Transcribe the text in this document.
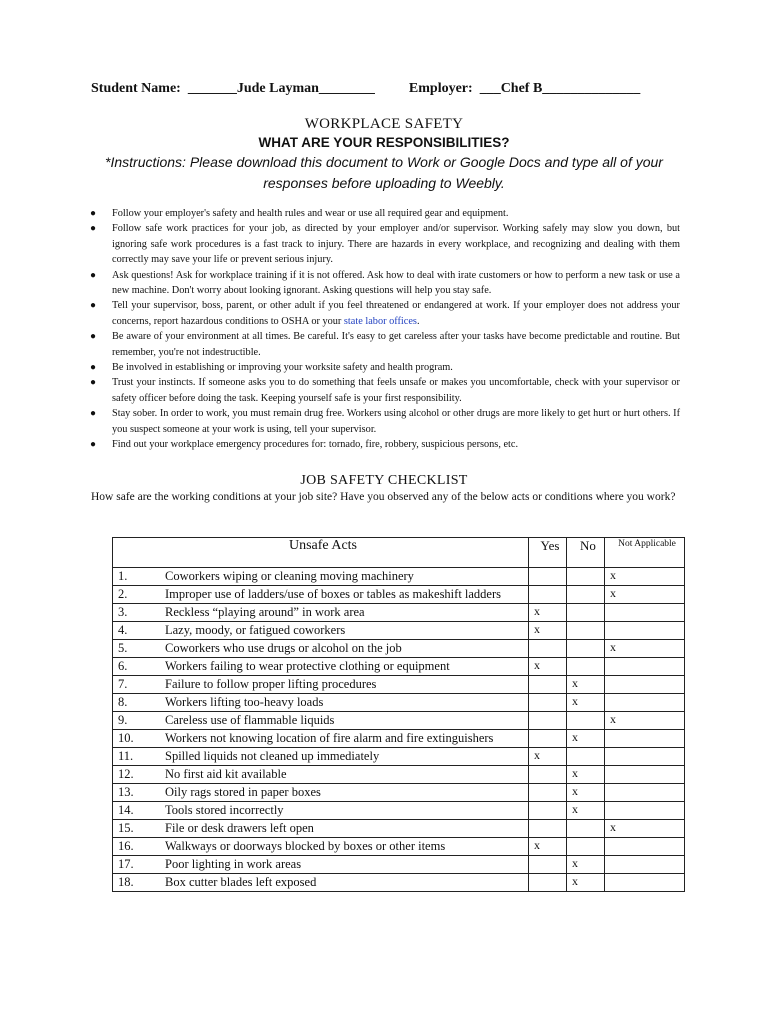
Student Name: _______Jude Layman________ Employer: ___Chef B______________
WORKPLACE SAFETY
WHAT ARE YOUR RESPONSIBILITIES?
*Instructions: Please download this document to Work or Google Docs and type all of your responses before uploading to Weebly.
● Follow your employer's safety and health rules and wear or use all required gear and equipment.
● Follow safe work practices for your job, as directed by your employer and/or supervisor. Working safely may slow you down, but ignoring safe work procedures is a fast track to injury. There are hazards in every workplace, and recognizing and dealing with them correctly may save your life or prevent serious injury.
● Ask questions! Ask for workplace training if it is not offered. Ask how to deal with irate customers or how to perform a new task or use a new machine. Don't worry about looking ignorant. Asking questions will help you stay safe.
● Tell your supervisor, boss, parent, or other adult if you feel threatened or endangered at work. If your employer does not address your concerns, report hazardous conditions to OSHA or your state labor offices.
● Be aware of your environment at all times. Be careful. It's easy to get careless after your tasks have become predictable and routine. But remember, you're not indestructible.
● Be involved in establishing or improving your worksite safety and health program.
● Trust your instincts. If someone asks you to do something that feels unsafe or makes you uncomfortable, check with your supervisor or safety officer before doing the task. Keeping yourself safe is your first responsibility.
● Stay sober. In order to work, you must remain drug free. Workers using alcohol or other drugs are more likely to get hurt or hurt others. If you suspect someone at your work is using, tell your supervisor.
● Find out your workplace emergency procedures for: tornado, fire, robbery, suspicious persons, etc.
JOB SAFETY CHECKLIST
How safe are the working conditions at your job site? Have you observed any of the below acts or conditions where you work?
Unsafe Acts	Yes	No	Not Applicable
1. Coworkers wiping or cleaning moving machinery			x
2. Improper use of ladders/use of boxes or tables as makeshift ladders			x
3. Reckless “playing around” in work area	x		
4. Lazy, moody, or fatigued coworkers	x		
5. Coworkers who use drugs or alcohol on the job			x
6. Workers failing to wear protective clothing or equipment	x		
7. Failure to follow proper lifting procedures		x	
8. Workers lifting too-heavy loads		x	
9. Careless use of flammable liquids			x
10. Workers not knowing location of fire alarm and fire extinguishers		x	
11. Spilled liquids not cleaned up immediately	x		
12. No first aid kit available		x	
13. Oily rags stored in paper boxes		x	
14. Tools stored incorrectly		x	
15. File or desk drawers left open			x
16. Walkways or doorways blocked by boxes or other items	x		
17. Poor lighting in work areas		x	
18. Box cutter blades left exposed		x	
